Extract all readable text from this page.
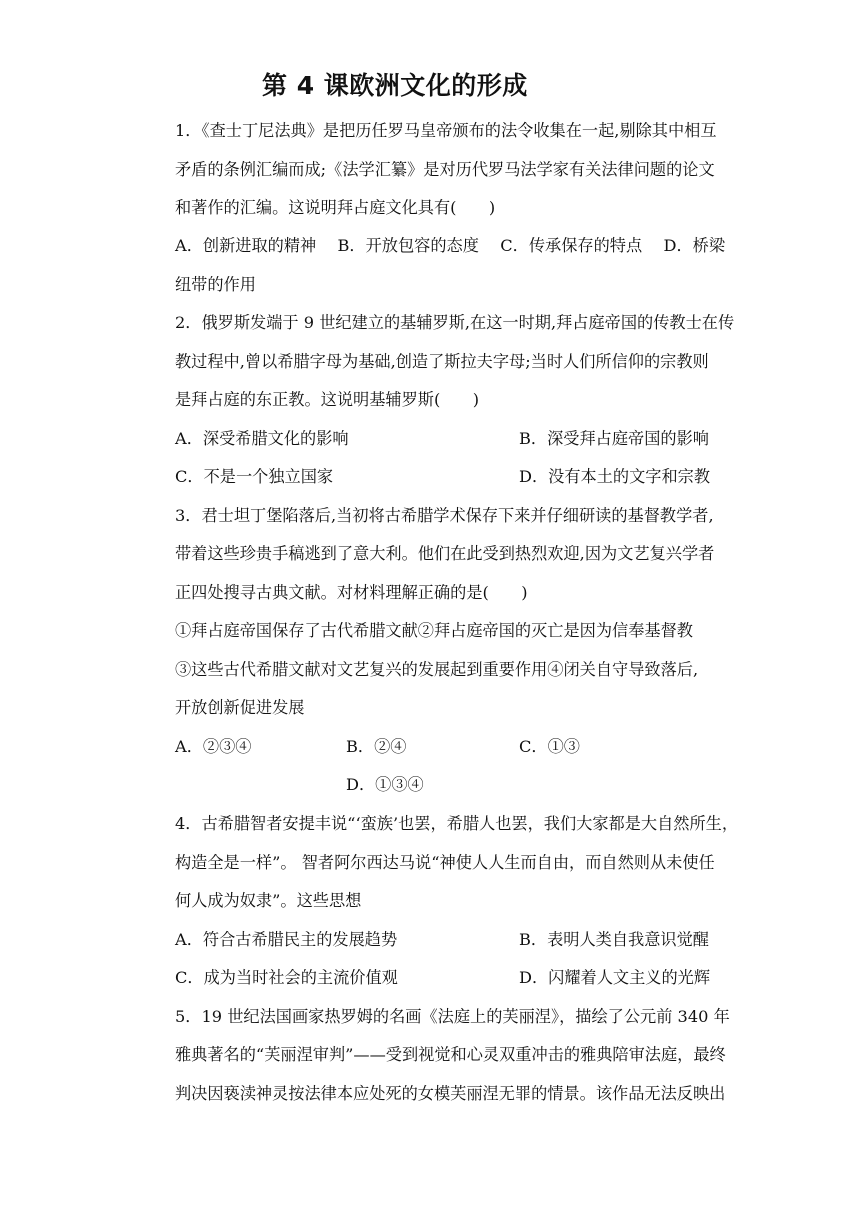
第 4 课欧洲文化的形成
1．《查士丁尼法典》是把历任罗马皇帝颁布的法令收集在一起,剔除其中相互
矛盾的条例汇编而成;《法学汇纂》是对历代罗马法学家有关法律问题的论文
和著作的汇编。这说明拜占庭文化具有(　　)
A．创新进取的精神　 B．开放包容的态度　 C．传承保存的特点　 D．桥梁
纽带的作用
2．俄罗斯发端于 9 世纪建立的基辅罗斯,在这一时期,拜占庭帝国的传教士在传
教过程中,曾以希腊字母为基础,创造了斯拉夫字母;当时人们所信仰的宗教则
是拜占庭的东正教。这说明基辅罗斯(　　)
A．深受希腊文化的影响	B．深受拜占庭帝国的影响
C．不是一个独立国家	D．没有本土的文字和宗教
3．君士坦丁堡陷落后,当初将古希腊学术保存下来并仔细研读的基督教学者,
带着这些珍贵手稿逃到了意大利。他们在此受到热烈欢迎,因为文艺复兴学者
正四处搜寻古典文献。对材料理解正确的是(　　)
①拜占庭帝国保存了古代希腊文献②拜占庭帝国的灭亡是因为信奉基督教
③这些古代希腊文献对文艺复兴的发展起到重要作用④闭关自守导致落后,
开放创新促进发展
A．②③④	B．②④	C．①③
D．①③④
4．古希腊智者安提丰说“‘蛮族’也罢，希腊人也罢，我们大家都是大自然所生，
构造全是一样”。 智者阿尔西达马说“神使人人生而自由，而自然则从未使任
何人成为奴隶”。这些思想
A．符合古希腊民主的发展趋势	B．表明人类自我意识觉醒
C．成为当时社会的主流价值观	D．闪耀着人文主义的光辉
5．19 世纪法国画家热罗姆的名画《法庭上的芙丽涅》，描绘了公元前 340 年
雅典著名的“芙丽涅审判”——受到视觉和心灵双重冲击的雅典陪审法庭，最终
判决因亵渎神灵按法律本应处死的女模芙丽涅无罪的情景。该作品无法反映出
